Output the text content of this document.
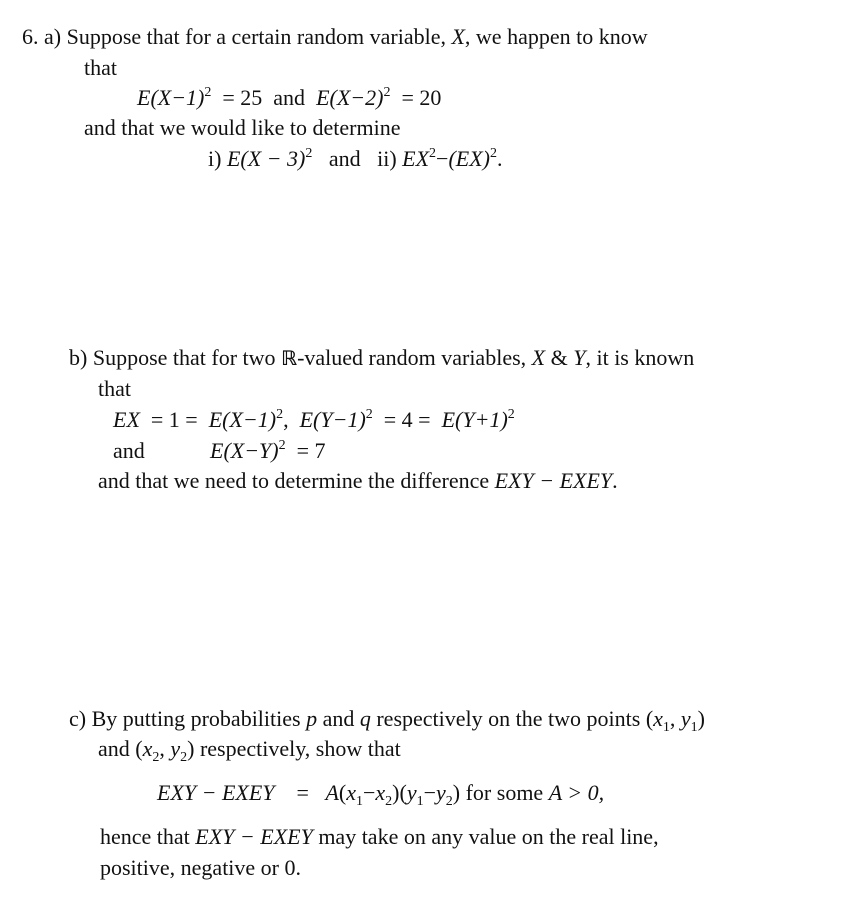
6. a) Suppose that for a certain random variable, X, we happen to know
that
$E(X-1)^2 = 25$ and $E(X-2)^2 = 20$
and that we would like to determine
i) $E(X - 3)^2$ and ii) $EX^2-(EX)^2$.
b) Suppose that for two ℝ-valued random variables, X & Y, it is known
that
EX = $1 = E(X-1)^2$, $E(Y-1)^2 = 4 = E(Y+1)^2$
and	$E(X-Y)^2 = 7$
and that we need to determine the difference EXY − EXEY.
c) By putting probabilities p and q respectively on the two points ($x_1$, $y_1$)
and ($x_2$, $y_2$) respectively, show that
EXY − EXEY = $A(x_1-x_2)(y_1-y_2)$ for some A > 0,
hence that EXY − EXEY may take on any value on the real line,
positive, negative or 0.
